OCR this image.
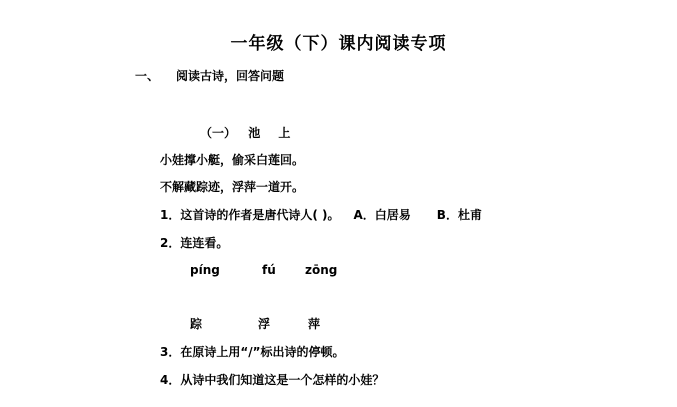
一年级（下）课内阅读专项
一、 阅读古诗，回答问题
（一） 池 上
小娃撑小艇，偷采白莲回。
不解藏踪迹，浮萍一道开。
1．这首诗的作者是唐代诗人( )。 A．白居易 B．杜甫
2．连连看。
píng	fú zōng
踪	浮	萍
3．在原诗上用“/”标出诗的停顿。
4．从诗中我们知道这是一个怎样的小娃？
